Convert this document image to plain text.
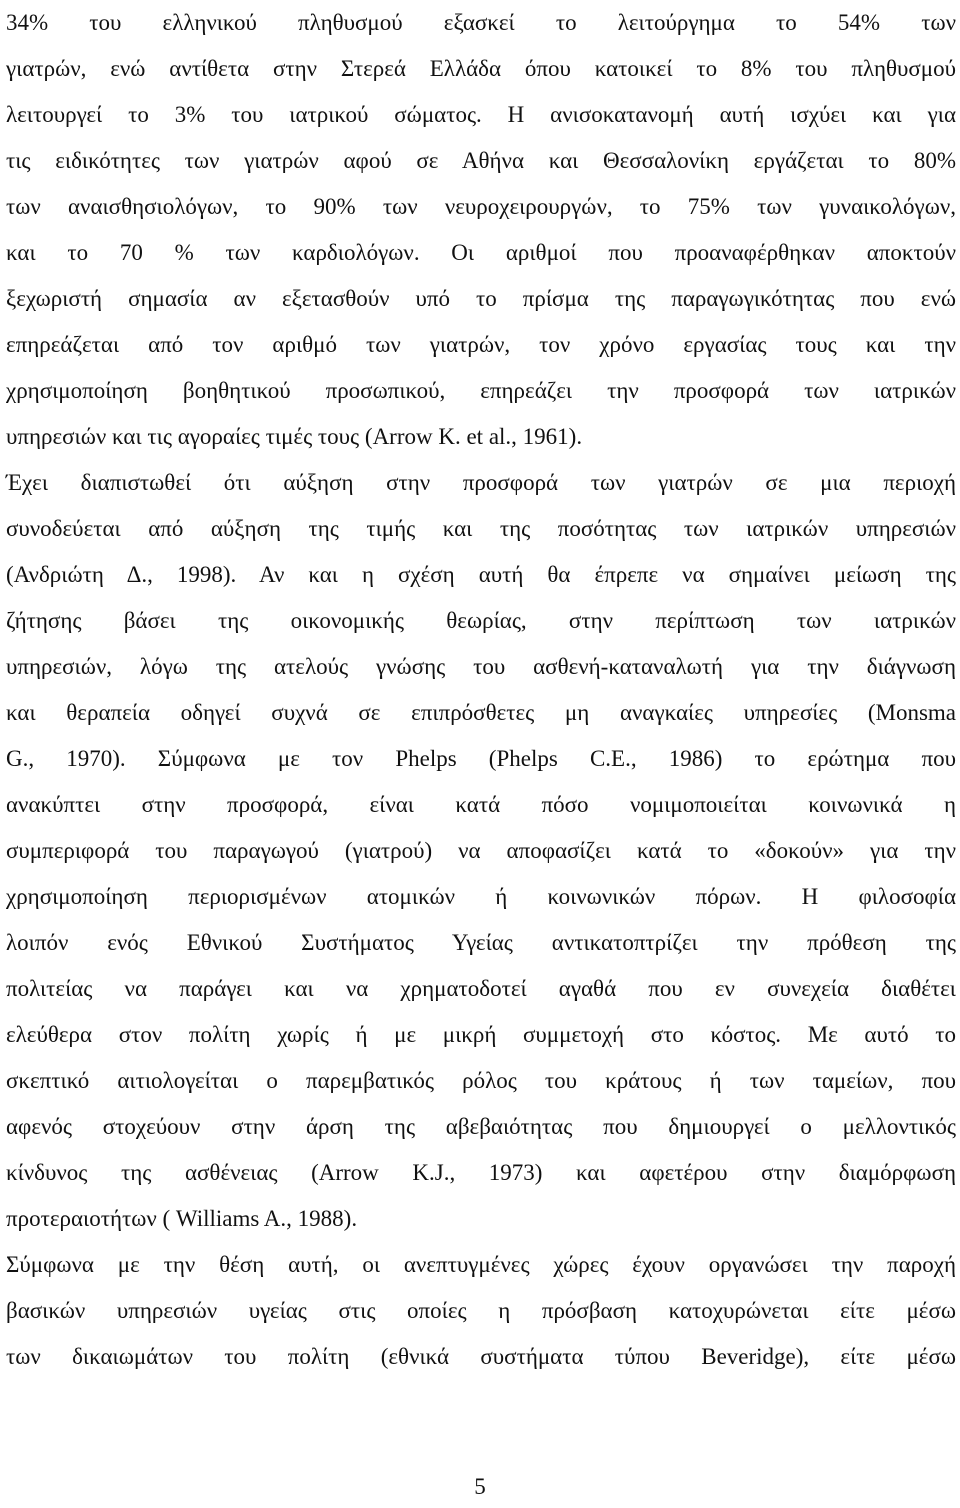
34% του ελληνικού πληθυσμού εξασκεί το λειτούργημα το 54% των
γιατρών, ενώ αντίθετα στην Στερεά Ελλάδα όπου κατοικεί το 8% του πληθυσμού
λειτουργεί το 3% του ιατρικού σώματος. Η ανισοκατανομή αυτή ισχύει και για
τις ειδικότητες των γιατρών αφού σε Αθήνα και Θεσσαλονίκη εργάζεται το 80%
των αναισθησιολόγων, το 90% των νευροχειρουργών, το 75% των γυναικολόγων,
και το 70 % των καρδιολόγων. Οι αριθμοί που προαναφέρθηκαν αποκτούν
ξεχωριστή σημασία αν εξετασθούν υπό το πρίσμα της παραγωγικότητας που ενώ
επηρεάζεται από τον αριθμό των γιατρών, τον χρόνο εργασίας τους και την
χρησιμοποίηση βοηθητικού προσωπικού, επηρεάζει την προσφορά των ιατρικών
υπηρεσιών και τις αγοραίες τιμές τους (Arrow K. et al., 1961).
Έχει διαπιστωθεί ότι αύξηση στην προσφορά των γιατρών σε μια περιοχή
συνοδεύεται από αύξηση της τιμής και της ποσότητας των ιατρικών υπηρεσιών
(Ανδριώτη Δ., 1998). Αν και η σχέση αυτή θα έπρεπε να σημαίνει μείωση της
ζήτησης βάσει της οικονομικής θεωρίας, στην περίπτωση των ιατρικών
υπηρεσιών, λόγω της ατελούς γνώσης του ασθενή-καταναλωτή για την διάγνωση
και θεραπεία οδηγεί συχνά σε επιπρόσθετες μη αναγκαίες υπηρεσίες (Monsma
G., 1970). Σύμφωνα με τον Phelps (Phelps C.E., 1986) το ερώτημα που
ανακύπτει στην προσφορά, είναι κατά πόσο νομιμοποιείται κοινωνικά η
συμπεριφορά του παραγωγού (γιατρού) να αποφασίζει κατά το «δοκούν» για την
χρησιμοποίηση περιορισμένων ατομικών ή κοινωνικών πόρων. Η φιλοσοφία
λοιπόν ενός Εθνικού Συστήματος Υγείας αντικατοπτρίζει την πρόθεση της
πολιτείας να παράγει και να χρηματοδοτεί αγαθά που εν συνεχεία διαθέτει
ελεύθερα στον πολίτη χωρίς ή με μικρή συμμετοχή στο κόστος. Με αυτό το
σκεπτικό αιτιολογείται ο παρεμβατικός ρόλος του κράτους ή των ταμείων, που
αφενός στοχεύουν στην άρση της αβεβαιότητας που δημιουργεί ο μελλοντικός
κίνδυνος της ασθένειας (Arrow K.J., 1973) και αφετέρου στην διαμόρφωση
προτεραιοτήτων ( Williams A., 1988).
Σύμφωνα με την θέση αυτή, οι ανεπτυγμένες χώρες έχουν οργανώσει την παροχή
βασικών υπηρεσιών υγείας στις οποίες η πρόσβαση κατοχυρώνεται είτε μέσω
των δικαιωμάτων του πολίτη (εθνικά συστήματα τύπου Beveridge), είτε μέσω
5
